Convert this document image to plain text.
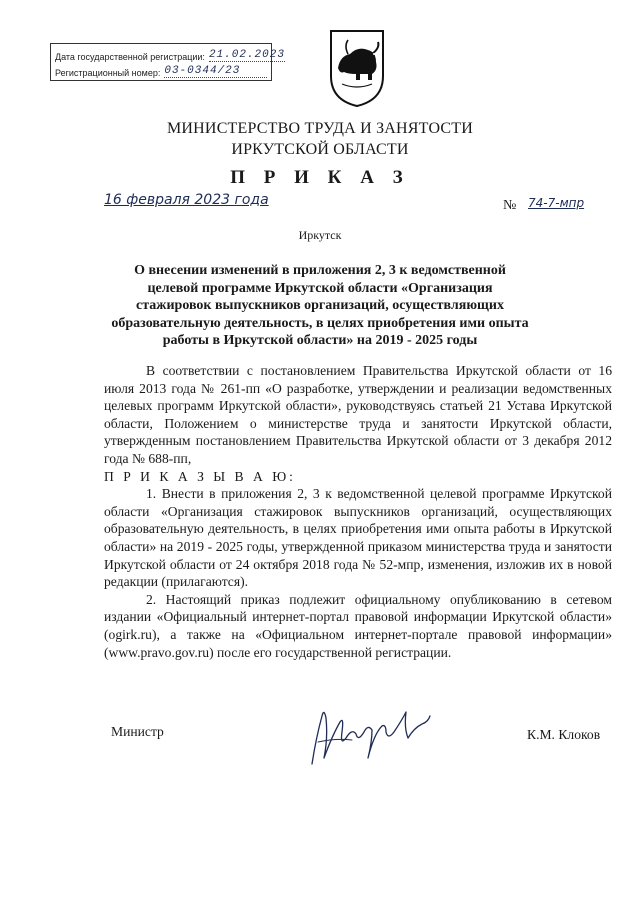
Дата государственной регистрации: 21.02.2023
Регистрационный номер: 03-0344/23
МИНИСТЕРСТВО ТРУДА И ЗАНЯТОСТИ
ИРКУТСКОЙ ОБЛАСТИ
П Р И К А З
16 февраля 2023 года	№ 74-7-мпр
Иркутск
О внесении изменений в приложения 2, 3 к ведомственной целевой программе Иркутской области «Организация стажировок выпускников организаций, осуществляющих образовательную деятельность, в целях приобретения ими опыта работы в Иркутской области» на 2019 - 2025 годы

В соответствии с постановлением Правительства Иркутской области от 16 июля 2013 года № 261-пп «О разработке, утверждении и реализации ведомственных целевых программ Иркутской области», руководствуясь статьей 21 Устава Иркутской области, Положением о министерстве труда и занятости Иркутской области, утвержденным постановлением Правительства Иркутской области от 3 декабря 2012 года № 688-пп,

П Р И К А З Ы В А Ю:

1. Внести в приложения 2, 3 к ведомственной целевой программе Иркутской области «Организация стажировок выпускников организаций, осуществляющих образовательную деятельность, в целях приобретения ими опыта работы в Иркутской области» на 2019 - 2025 годы, утвержденной приказом министерства труда и занятости Иркутской области от 24 октября 2018 года № 52-мпр, изменения, изложив их в новой редакции (прилагаются).

2. Настоящий приказ подлежит официальному опубликованию в сетевом издании «Официальный интернет-портал правовой информации Иркутской области» (ogirk.ru), а также на «Официальном интернет-портале правовой информации» (www.pravo.gov.ru) после его государственной регистрации.

Министр	К.М. Клоков
